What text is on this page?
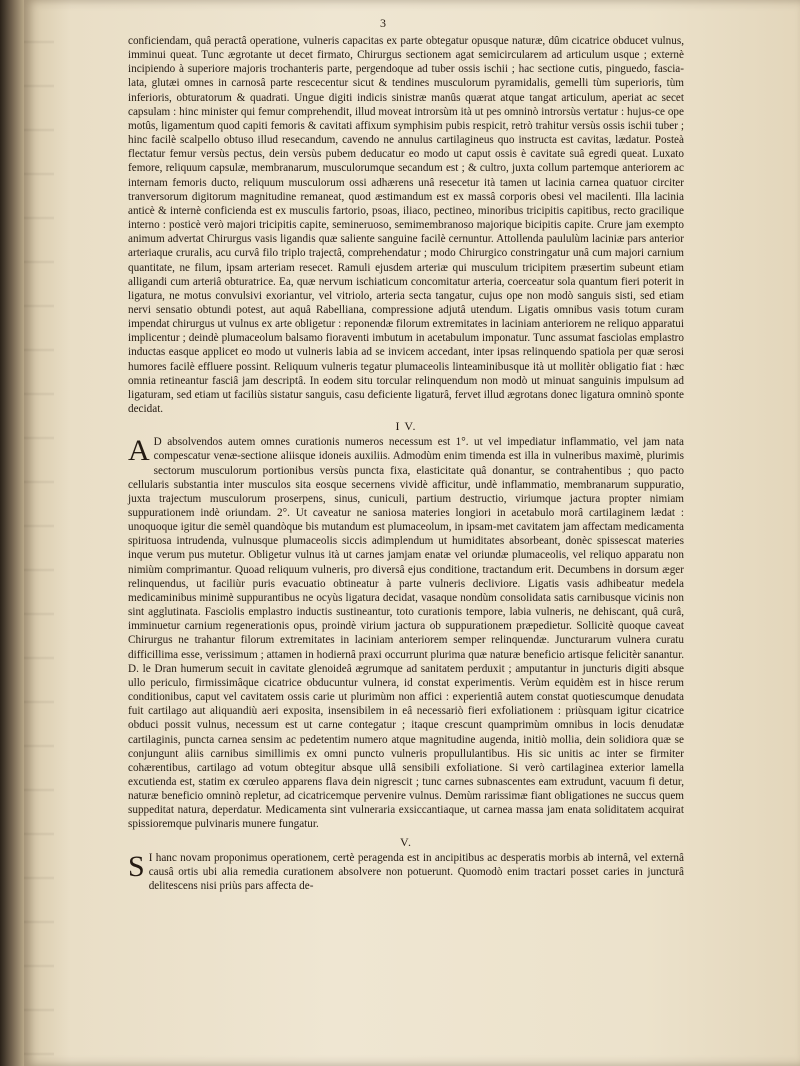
3

conficiendam, quâ peractâ operatione, vulneris capacitas ex parte obtegatur opusque naturæ, dûm cicatrice obducet vulnus, imminui queat. Tunc ægrotante ut decet firmato, Chirurgus sectionem agat semicircularem ad articulum usque ; externè incipiendo à superiore majoris trochanteris parte, pergendoque ad tuber ossis ischii ; hac sectione cutis, pinguedo, fascia-lata, glutæi omnes in carnosâ parte rescecentur sicut & tendines musculorum pyramidalis, gemelli tùm superioris, tùm inferioris, obturatorum & quadrati. Ungue digiti indicis sinistræ manûs quærat atque tangat articulum, aperiat ac secet capsulam : hinc minister qui femur comprehendit, illud moveat introrsùm ità ut pes omninò introrsùs vertatur : hujus-ce ope motûs, ligamentum quod capiti femoris & cavitati affixum symphisim pubis respicit, retrò trahitur versùs ossis ischii tuber ; hinc facilè scalpello obtuso illud resecandum, cavendo ne annulus cartilagineus quo instructa est cavitas, lædatur. Posteà flectatur femur versùs pectus, dein versùs pubem deducatur eo modo ut caput ossis è cavitate suâ egredi queat. Luxato femore, reliquum capsulæ, membranarum, musculorumque secandum est ; & cultro, juxta collum partemque anteriorem ac internam femoris ducto, reliquum musculorum ossi adhærens unâ resecetur ità tamen ut lacinia carnea quatuor circiter tranversorum digitorum magnitudine remaneat, quod æstimandum est ex massâ corporis obesi vel macilenti. Illa lacinia anticè & internè conficienda est ex musculis fartorio, psoas, iliaco, pectineo, minoribus tricipitis capitibus, recto gracilique interno : posticè verò majori tricipitis capite, semineruoso, semimembranoso majorique bicipitis capite. Crure jam exempto animum advertat Chirurgus vasis ligandis quæ saliente sanguine facilè cernuntur. Attollenda paululùm laciniæ pars anterior arteriaque cruralis, acu curvâ filo triplo trajectâ, comprehendatur ; modo Chirurgico constringatur unâ cum majori carnium quantitate, ne filum, ipsam arteriam resecet. Ramuli ejusdem arteriæ qui musculum tricipitem præsertim subeunt etiam alligandi cum arteriâ obturatrice. Ea, quæ nervum ischiaticum concomitatur arteria, coerceatur sola quantum fieri poterit in ligatura, ne motus convulsivi exoriantur, vel vitriolo, arteria secta tangatur, cujus ope non modò sanguis sisti, sed etiam nervi sensatio obtundi potest, aut aquâ Rabelliana, compressione adjutâ utendum. Ligatis omnibus vasis totum curam impendat chirurgus ut vulnus ex arte obligetur : reponendæ filorum extremitates in laciniam anteriorem ne reliquo apparatui implicentur ; deindè plumaceolum balsamo fioraventi imbutum in acetabulum imponatur. Tunc assumat fasciolas emplastro inductas easque applicet eo modo ut vulneris labia ad se invicem accedant, inter ipsas relinquendo spatiola per quæ serosi humores facilè effluere possint. Reliquum vulneris tegatur plumaceolis linteaminibusque ità ut mollitèr obligatio fiat : hæc omnia retineantur fasciâ jam descriptâ. In eodem situ torcular relinquendum non modò ut minuat sanguinis impulsum ad ligaturam, sed etiam ut faciliùs sistatur sanguis, casu deficiente ligaturâ, fervet illud ægrotans donec ligatura omninò sponte decidat.

I V.

A D absolvendos autem omnes curationis numeros necessum est 1°. ut vel impediatur inflammatio, vel jam nata compescatur venæ-sectione aliisque idoneis auxiliis. Admodùm enim timenda est illa in vulneribus maximè, plurimis sectorum musculorum portionibus versùs puncta fixa, elasticitate quâ donantur, se contrahentibus ; quo pacto cellularis substantia inter musculos sita eosque secernens vividè afficitur, undè inflammatio, membranarum suppuratio, juxta trajectum musculorum proserpens, sinus, cuniculi, partium destructio, viriumque jactura propter nimiam suppurationem indè oriundam. 2°. Ut caveatur ne saniosa materies longiori in acetabulo morâ cartilaginem lædat : unoquoque igitur die semèl quandòque bis mutandum est plumaceolum, in ipsam-met cavitatem jam affectam medicamenta spirituosa intrudenda, vulnusque plumaceolis siccis adimplendum ut humiditates absorbeant, donèc spissescat materies inque verum pus mutetur. Obligetur vulnus ità ut carnes jamjam enatæ vel oriundæ plumaceolis, vel reliquo apparatu non nimiùm comprimantur. Quoad reliquum vulneris, pro diversâ ejus conditione, tractandum erit. Decumbens in dorsum æger relinquendus, ut faciliùr puris evacuatio obtineatur à parte vulneris decliviore. Ligatis vasis adhibeatur medela medicaminibus minimè suppurantibus ne ocyùs ligatura decidat, vasaque nondùm consolidata satis carnibusque vicinis non sint agglutinata. Fasciolis emplastro inductis sustineantur, toto curationis tempore, labia vulneris, ne dehiscant, quâ curâ, imminuetur carnium regenerationis opus, proindè virium jactura ob suppurationem præpedietur. Sollicitè quoque caveat Chirurgus ne trahantur filorum extremitates in laciniam anteriorem semper relinquendæ. Juncturarum vulnera curatu difficillima esse, verissimum ; attamen in hodiernâ praxi occurrunt plurima quæ naturæ beneficio artisque felicitèr sanantur. D. le Dran humerum secuit in cavitate glenoideâ ægrumque ad sanitatem perduxit ; amputantur in juncturis digiti absque ullo periculo, firmissimâque cicatrice obducuntur vulnera, id constat experimentis. Verùm equidèm est in hisce rerum conditionibus, caput vel cavitatem ossis carie ut plurimùm non affici : experientiâ autem constat quotiescumque denudata fuit cartilago aut aliquandiù aeri exposita, insensibilem in eâ necessariò fieri exfoliationem : priùsquam igitur cicatrice obduci possit vulnus, necessum est ut carne contegatur ; itaque crescunt quamprimùm omnibus in locis denudatæ cartilaginis, puncta carnea sensim ac pedetentim numero atque magnitudine augenda, initiò mollia, dein solidiora quæ se conjungunt aliis carnibus simillimis ex omni puncto vulneris propullulantibus. His sic unitis ac inter se firmiter cohærentibus, cartilago ad votum obtegitur absque ullâ sensibili exfoliatione. Si verò cartilaginea exterior lamella excutienda est, statim ex cœruleo apparens flava dein nigrescit ; tunc carnes subnascentes eam extrudunt, vacuum fi detur, naturæ beneficio omninò repletur, ad cicatricemque pervenire vulnus. Demùm rarissimæ fiant obligationes ne succus quem suppeditat natura, deperdatur. Medicamenta sint vulneraria exsiccantiaque, ut carnea massa jam enata soliditatem acquirat spissioremque pulvinaris munere fungatur.

V.

S I hanc novam proponimus operationem, certè peragenda est in ancipitibus ac desperatis morbis ab internâ, vel externâ causâ ortis ubi alia remedia curationem absolvere non potuerunt. Quomodò enim tractari posset caries in juncturâ delitescens nisi priùs pars affecta de-
